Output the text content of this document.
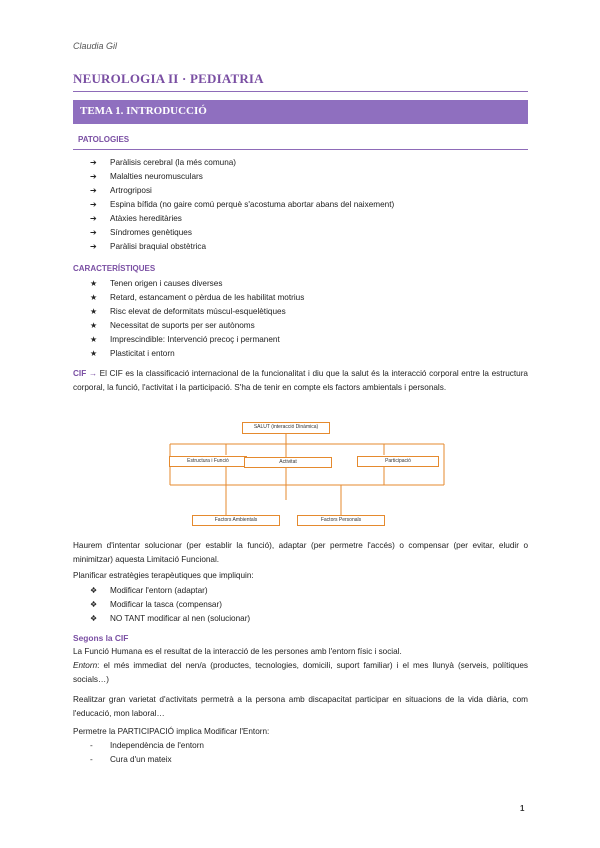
Claudia Gil
NEUROLOGIA II · PEDIATRIA
TEMA 1. INTRODUCCIÓ
PATOLOGIES
➔ Paràlisis cerebral (la més comuna)
➔ Malalties neuromusculars
➔ Artrogriposi
➔ Espina bífida (no gaire comú perquè s'acostuma abortar abans del naixement)
➔ Atàxies hereditàries
➔ Síndromes genètiques
➔ Paràlisi braquial obstètrica
CARACTERÍSTIQUES
★ Tenen origen i causes diverses
★ Retard, estancament o pèrdua de les habilitat motrius
★ Risc elevat de deformitats múscul-esquelètiques
★ Necessitat de suports per ser autònoms
★ Imprescindible: Intervenció precoç i permanent
★ Plasticitat i entorn
CIF → El CIF es la classificació internacional de la funcionalitat i diu que la salut és la interacció corporal entre la estructura corporal, la funció, l'activitat i la participació. S'ha de tenir en compte els factors ambientals i personals.
SALUT (interacció Dinàmica)
Estructura i Funció	Activitat	Participació
Factors Ambientals	Factors Personals
Haurem d'intentar solucionar (per establir la funció), adaptar (per permetre l'accés) o compensar (per evitar, eludir o minimitzar) aquesta Limitació Funcional.
Planificar estratègies terapèutiques que impliquin:
❖ Modificar l'entorn (adaptar)
❖ Modificar la tasca (compensar)
❖ NO TANT modificar al nen (solucionar)
Segons la CIF
La Funció Humana es el resultat de la interacció de les persones amb l'entorn físic i social.
Entorn: el més immediat del nen/a (productes, tecnologies, domicili, suport familiar) i el mes llunyà (serveis, polítiques socials…)
Realitzar gran varietat d'activitats permetrà a la persona amb discapacitat participar en situacions de la vida diària, com l'educació, mon laboral…
Permetre la PARTICIPACIÓ implica Modificar l'Entorn:
- Independència de l'entorn
- Cura d'un mateix
1
